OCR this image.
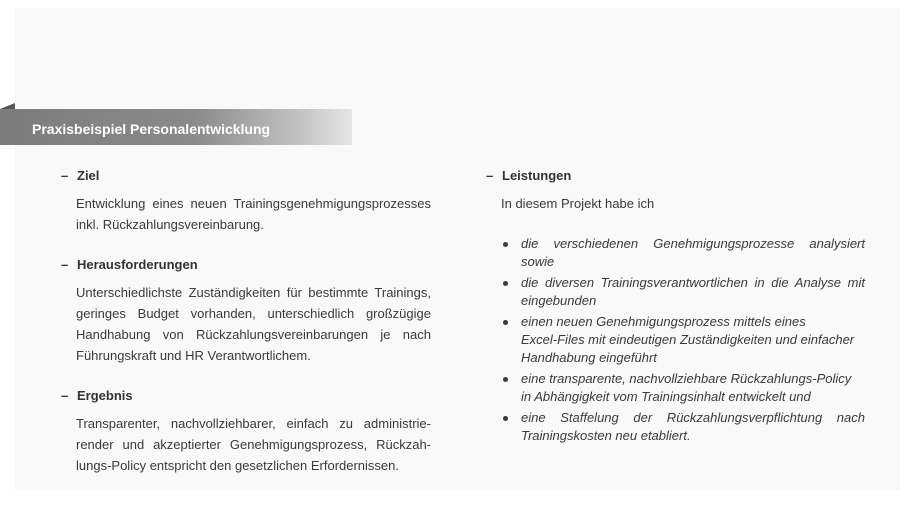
Praxisbeispiel Personalentwicklung
– Ziel
Entwicklung eines neuen Trainingsgenehmigungsprozesses
inkl. Rückzahlungsvereinbarung.
– Herausforderungen
Unterschiedlichste Zuständigkeiten für bestimmte Trainings,
geringes Budget vorhanden, unterschiedlich großzügige
Handhabung von Rückzahlungsvereinbarungen je nach
Führungskraft und HR Verantwortlichem.
– Ergebnis
Transparenter, nachvollziehbarer, einfach zu administrie-
render und akzeptierter Genehmigungsprozess, Rückzah-
lungs-Policy entspricht den gesetzlichen Erfordernissen.
– Leistungen
In diesem Projekt habe ich
die verschiedenen Genehmigungsprozesse analysiert
sowie
die diversen Trainingsverantwortlichen in die Analyse mit
eingebunden
einen neuen Genehmigungsprozess mittels eines
Excel-Files mit eindeutigen Zuständigkeiten und einfacher
Handhabung eingeführt
eine transparente, nachvollziehbare Rückzahlungs-Policy
in Abhängigkeit vom Trainingsinhalt entwickelt und
eine Staffelung der Rückzahlungsverpflichtung nach
Trainingskosten neu etabliert.
